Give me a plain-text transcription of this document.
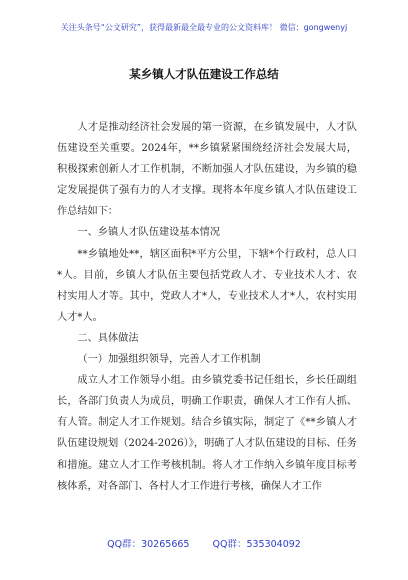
关注头条号“公文研究”，获得最新最全最专业的公文资料库！ 微信：gongwenyj
某乡镇人才队伍建设工作总结

人才是推动经济社会发展的第一资源，在乡镇发展中，人才队伍建设至关重要。2024年，**乡镇紧紧围绕经济社会发展大局，积极探索创新人才工作机制，不断加强人才队伍建设，为乡镇的稳定发展提供了强有力的人才支撑。现将本年度乡镇人才队伍建设工作总结如下：

一、乡镇人才队伍建设基本情况

**乡镇地处**，辖区面积*平方公里，下辖*个行政村，总人口*人。目前，乡镇人才队伍主要包括党政人才、专业技术人才、农村实用人才等。其中，党政人才*人，专业技术人才*人，农村实用人才*人。

二、具体做法

（一）加强组织领导，完善人才工作机制

成立人才工作领导小组。由乡镇党委书记任组长，乡长任副组长，各部门负责人为成员，明确工作职责，确保人才工作有人抓、有人管。制定人才工作规划。结合乡镇实际，制定了《**乡镇人才队伍建设规划（2024-2026）》，明确了人才队伍建设的目标、任务和措施。建立人才工作考核机制。将人才工作纳入乡镇年度目标考核体系，对各部门、各村人才工作进行考核，确保人才工作

QQ群：30265665 QQ群：535304092
